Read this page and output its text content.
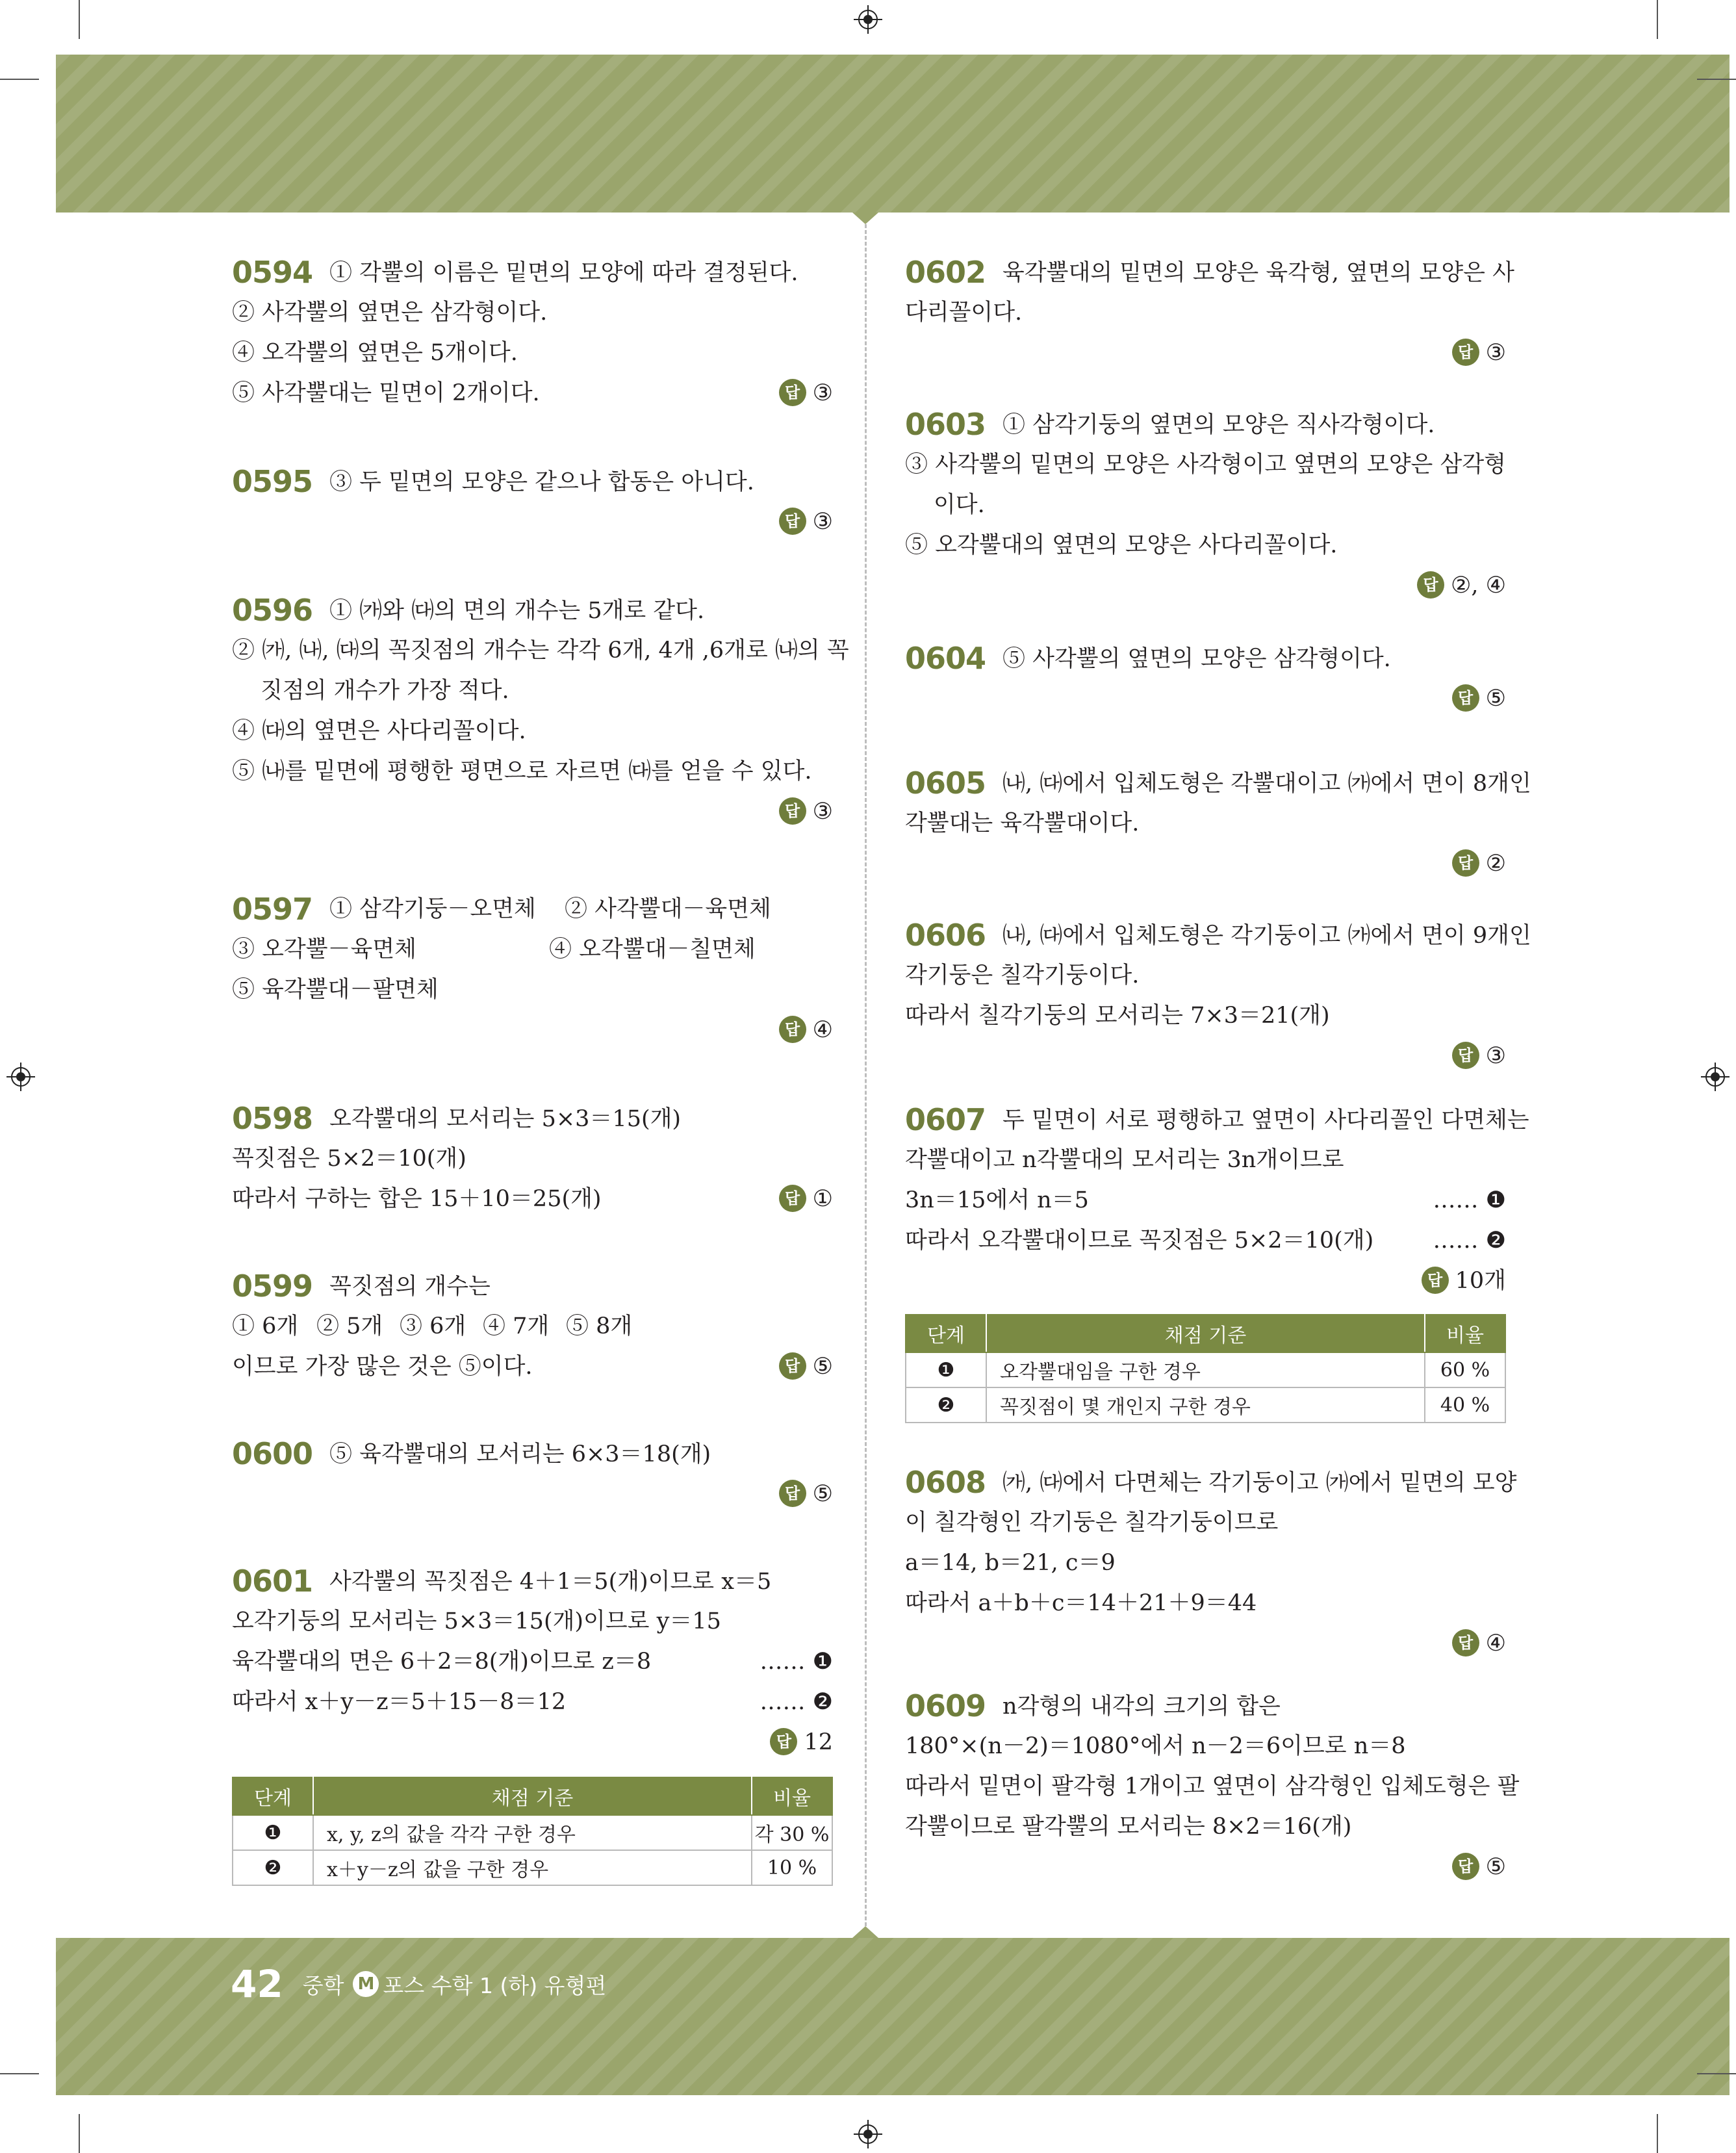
42 중학 M 포스 수학 1 (하) 유형편
0594 ① 각뿔의 이름은 밑면의 모양에 따라 결정된다.
② 사각뿔의 옆면은 삼각형이다.
④ 오각뿔의 옆면은 5개이다.
⑤ 사각뿔대는 밑면이 2개이다.	답 ③
0595 ③ 두 밑면의 모양은 같으나 합동은 아니다.
답 ③
0596 ① ㈎와 ㈐의 면의 개수는 5개로 같다.
② ㈎, ㈏, ㈐의 꼭짓점의 개수는 각각 6개, 4개 ,6개로 ㈏의 꼭
짓점의 개수가 가장 적다.
④ ㈐의 옆면은 사다리꼴이다.
⑤ ㈏를 밑면에 평행한 평면으로 자르면 ㈐를 얻을 수 있다.
답 ③
0597 ① 삼각기둥－오면체	② 사각뿔대－육면체
③ 오각뿔－육면체	④ 오각뿔대－칠면체
⑤ 육각뿔대－팔면체
답 ④
0598 오각뿔대의 모서리는 5×3＝15(개)
꼭짓점은 5×2＝10(개)
따라서 구하는 합은 15＋10＝25(개)	답 ①
0599 꼭짓점의 개수는
① 6개 ② 5개 ③ 6개 ④ 7개 ⑤ 8개
이므로 가장 많은 것은 ⑤이다.	답 ⑤
0600 ⑤ 육각뿔대의 모서리는 6×3＝18(개)
답 ⑤
0601 사각뿔의 꼭짓점은 4＋1＝5(개)이므로 x＝5
오각기둥의 모서리는 5×3＝15(개)이므로 y＝15
육각뿔대의 면은 6＋2＝8(개)이므로 z＝8	…… ❶
따라서 x＋y－z＝5＋15－8＝12	…… ❷
답 12
단계	채점 기준	비율
❶	x, y, z의 값을 각각 구한 경우	각 30 %
❷	x＋y－z의 값을 구한 경우	10 %
0602 육각뿔대의 밑면의 모양은 육각형, 옆면의 모양은 사
다리꼴이다.
답 ③
0603 ① 삼각기둥의 옆면의 모양은 직사각형이다.
③ 사각뿔의 밑면의 모양은 사각형이고 옆면의 모양은 삼각형
이다.
⑤ 오각뿔대의 옆면의 모양은 사다리꼴이다.
답 ②, ④
0604 ⑤ 사각뿔의 옆면의 모양은 삼각형이다.
답 ⑤
0605 ㈏, ㈐에서 입체도형은 각뿔대이고 ㈎에서 면이 8개인
각뿔대는 육각뿔대이다.
답 ②
0606 ㈏, ㈐에서 입체도형은 각기둥이고 ㈎에서 면이 9개인
각기둥은 칠각기둥이다.
따라서 칠각기둥의 모서리는 7×3＝21(개)
답 ③
0607 두 밑면이 서로 평행하고 옆면이 사다리꼴인 다면체는
각뿔대이고 n각뿔대의 모서리는 3n개이므로
3n＝15에서 n＝5	…… ❶
따라서 오각뿔대이므로 꼭짓점은 5×2＝10(개)	…… ❷
답 10개
단계	채점 기준	비율
❶	오각뿔대임을 구한 경우	60 %
❷	꼭짓점이 몇 개인지 구한 경우	40 %
0608 ㈎, ㈐에서 다면체는 각기둥이고 ㈎에서 밑면의 모양
이 칠각형인 각기둥은 칠각기둥이므로
a＝14, b＝21, c＝9
따라서 a＋b＋c＝14＋21＋9＝44
답 ④
0609 n각형의 내각의 크기의 합은
180°×(n－2)＝1080°에서 n－2＝6이므로 n＝8
따라서 밑면이 팔각형 1개이고 옆면이 삼각형인 입체도형은 팔
각뿔이므로 팔각뿔의 모서리는 8×2＝16(개)
답 ⑤
